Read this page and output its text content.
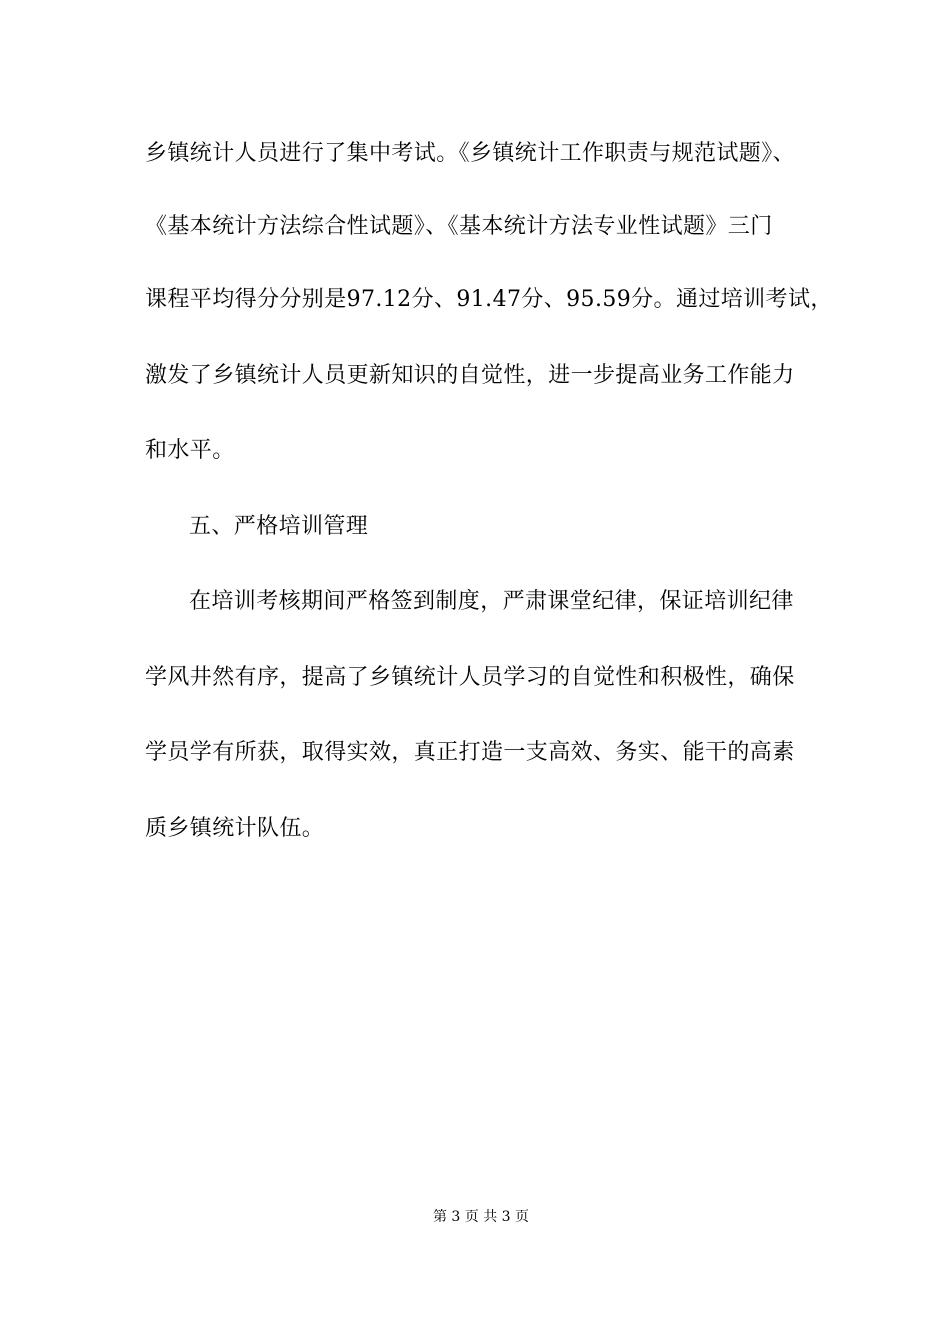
乡镇统计人员进行了集中考试。《乡镇统计工作职责与规范试题》、
《基本统计方法综合性试题》、《基本统计方法专业性试题》三门
课程平均得分分别是97.12分、91.47分、95.59分。通过培训考试，
激发了乡镇统计人员更新知识的自觉性，进一步提高业务工作能力
和水平。
五、严格培训管理
在培训考核期间严格签到制度，严肃课堂纪律，保证培训纪律
学风井然有序，提高了乡镇统计人员学习的自觉性和积极性，确保
学员学有所获，取得实效，真正打造一支高效、务实、能干的高素
质乡镇统计队伍。
第 3 页 共 3 页
